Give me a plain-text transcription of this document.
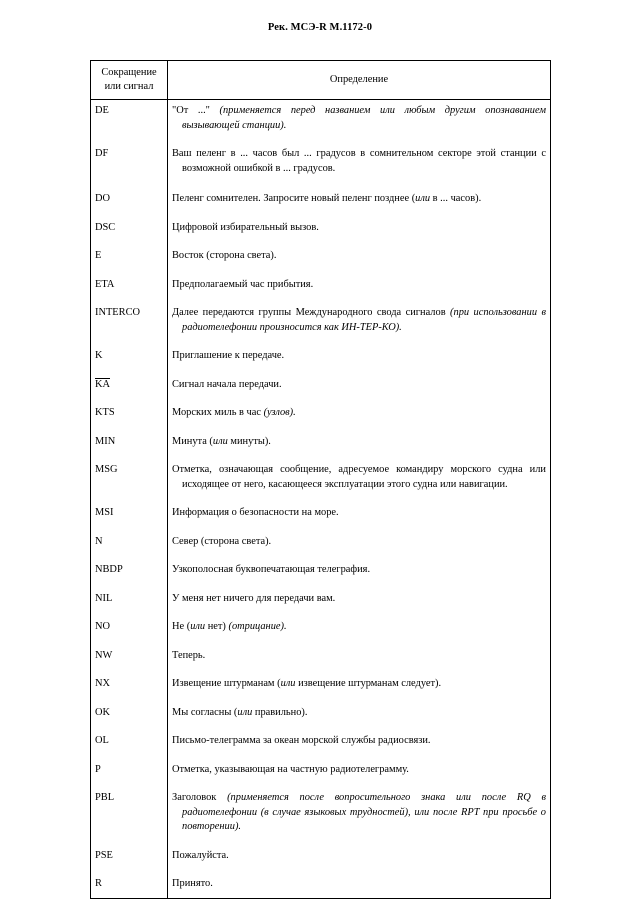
Рек. МСЭ-R M.1172-0
Сокращение или сигнал	Определение
DE	"От ..." (применяется перед названием или любым другим опознаванием вызывающей станции).

DF	Ваш пеленг в ... часов был ... градусов в сомнительном секторе этой станции с возможной ошибкой в ... градусов.

DO	Пеленг сомнителен. Запросите новый пеленг позднее (или в ... часов).

DSC	Цифровой избирательный вызов.

E	Восток (сторона света).

ETA	Предполагаемый час прибытия.

INTERCO	Далее передаются группы Международного свода сигналов (при использовании в радиотелефонии произносится как ИН-ТЕР-КО).

K	Приглашение к передаче.

KA	Сигнал начала передачи.

KTS	Морских миль в час (узлов).

MIN	Минута (или минуты).

MSG	Отметка, означающая сообщение, адресуемое командиру морского судна или исходящее от него, касающееся эксплуатации этого судна или навигации.

MSI	Информация о безопасности на море.

N	Север (сторона света).

NBDP	Узкополосная буквопечатающая телеграфия.

NIL	У меня нет ничего для передачи вам.

NO	Не (или нет) (отрицание).

NW	Теперь.

NX	Извещение штурманам (или извещение штурманам следует).

OK	Мы согласны (или правильно).

OL	Письмо-телеграмма за океан морской службы радиосвязи.

P	Отметка, указывающая на частную радиотелеграмму.

PBL	Заголовок (применяется после вопросительного знака или после RQ в радиотелефонии (в случае языковых трудностей), или после RPT при просьбе о повторении).

PSE	Пожалуйста.

R	Принято.
